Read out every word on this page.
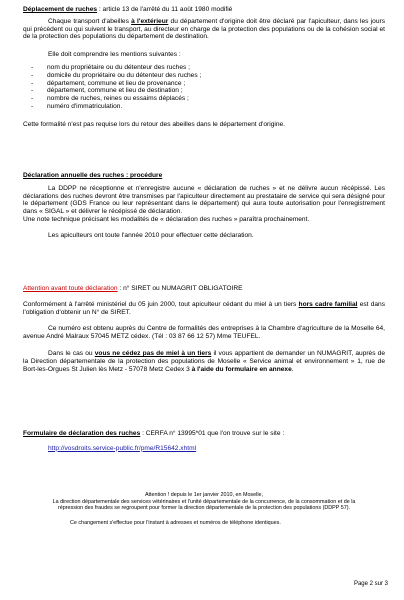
Déplacement de ruches : article 13 de l'arrêté du 11 août 1980 modifié

Chaque transport d'abeilles à l'extérieur du département d'origine doit être déclaré par l'apiculteur, dans les jours qui précèdent ou qui suivent le transport, au directeur en charge de la protection des populations ou de la cohésion social et de la protection des populations du département de destination.

Elle doit comprendre les mentions suivantes :

- nom du propriétaire ou du détenteur des ruches ;
- domicile du propriétaire ou du détenteur des ruches ;
- département, commune et lieu de provenance ;
- département, commune et lieu de destination ;
- nombre de ruches, reines ou essaims déplacés ;
- numéro d'immatriculation.

Cette formalité n'est pas requise lors du retour des abeilles dans le département d'origine.

Déclaration annuelle des ruches : procédure

La DDPP ne réceptionne et n'enregistre aucune « déclaration de ruches » et ne délivre aucun récépissé. Les déclarations des ruches devront être transmises par l'apiculteur directement au prestataire de service qui sera désigné pour le département (GDS France ou leur représentant dans le département) qui aura toute autorisation pour l'enregistrement dans « SIGAL » et délivrer le récépissé de déclaration.

Une note technique précisant les modalités de « déclaration des ruches » paraîtra prochainement.

Les apiculteurs ont toute l'année 2010 pour effectuer cette déclaration.

Attention avant toute déclaration : n° SIRET ou NUMAGRIT OBLIGATOIRE

Conformément à l'arrêté ministériel du 05 juin 2000, tout apiculteur cédant du miel à un tiers hors cadre familial est dans l'obligation d'obtenir un N° de SIRET.

Ce numéro est obtenu auprès du Centre de formalités des entreprises à la Chambre d'agriculture de la Moselle 64, avenue André Malraux 57045 METZ cédex. (Tél : 03 87 66 12 57) Mme TEUFEL.

Dans le cas ou vous ne cédez pas de miel à un tiers il vous appartient de demander un NUMAGRIT, auprès de la Direction départementale de la protection des populations de Moselle « Service animal et environnement » 1, rue de Bort-les-Orgues St Julien lès Metz - 57078 Metz Cedex 3 à l'aide du formulaire en annexe.

Formulaire de déclaration des ruches : CERFA n° 13995*01 que l'on trouve sur le site :

http://vosdroits.service-public.fr/pme/R15642.xhtml

Attention ! depuis le 1er janvier 2010, en Moselle,

La direction départementale des services vétérinaires et l'unité départementale de la concurrence, de la consommation et de la répression des fraudes se regroupent pour former la direction départementale de la protection des populations (DDPP 57).

Ce changement s'effectue pour l'instant à adresses et numéros de téléphone identiques.

Page 2 sur 3
